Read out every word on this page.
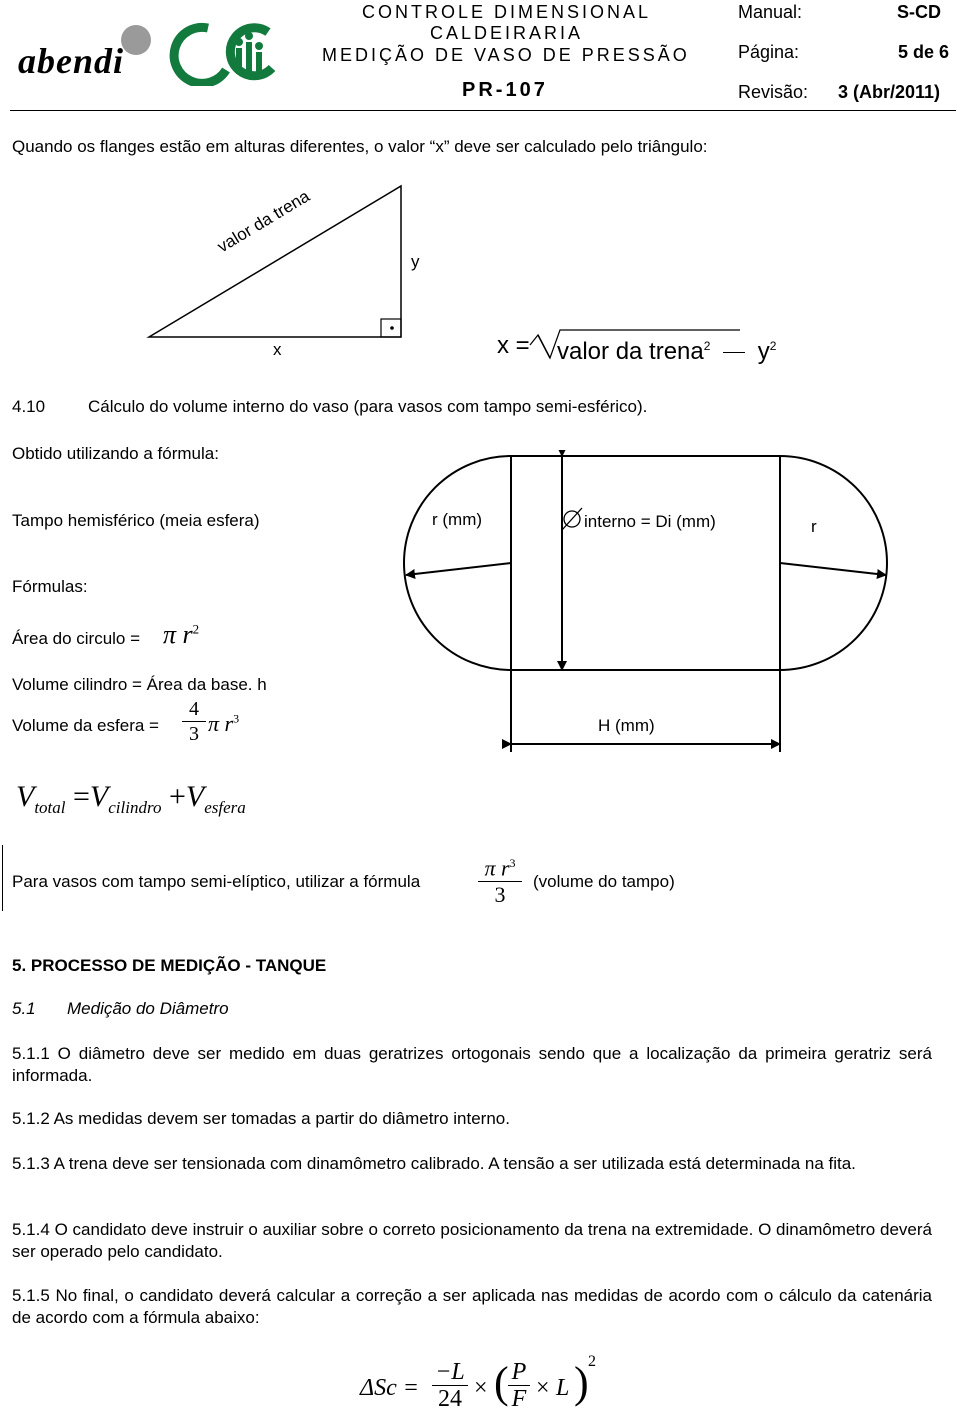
abendi
CONTROLE DIMENSIONAL
CALDEIRARIA
MEDIÇÃO DE VASO DE PRESSÃO
PR-107
Manual:	S-CD
Página:	5 de 6
Revisão: 3 (Abr/2011)
Quando os flanges estão em alturas diferentes, o valor “x” deve ser calculado pelo triângulo:
valor da trena
y
x	x = valor da trena$^2$ $y^2$
4.10	Cálculo do volume interno do vaso (para vasos com tampo semi-esférico).
Obtido utilizando a fórmula:
Tampo hemisférico (meia esfera)
Fórmulas:
Área do circulo = π $r^2$
Volume cilindro = Área da base. h
Volume da esfera =
4
3 π $r^3$
$V_{total} =V_{cilindro} +V_{esfera}$
Para vasos com tampo semi-elíptico, utilizar a fórmula
π $r^3$
3
(volume do tampo)
r (mm)	interno = Di (mm)	r
H (mm)
5. PROCESSO DE MEDIÇÃO - TANQUE
5.1 Medição do Diâmetro
5.1.1 O diâmetro deve ser medido em duas geratrizes ortogonais sendo que a localização da primeira geratriz será informada.
5.1.2 As medidas devem ser tomadas a partir do diâmetro interno.
5.1.3 A trena deve ser tensionada com dinamômetro calibrado. A tensão a ser utilizada está determinada na fita.
5.1.4 O candidato deve instruir o auxiliar sobre o correto posicionamento da trena na extremidade. O dinamômetro deverá ser operado pelo candidato.
5.1.5 No final, o candidato deverá calcular a correção a ser aplicada nas medidas de acordo com o cálculo da catenária de acordo com a fórmula abaixo:
ΔSc =
−L
24 × ( P
F × L ) 2
